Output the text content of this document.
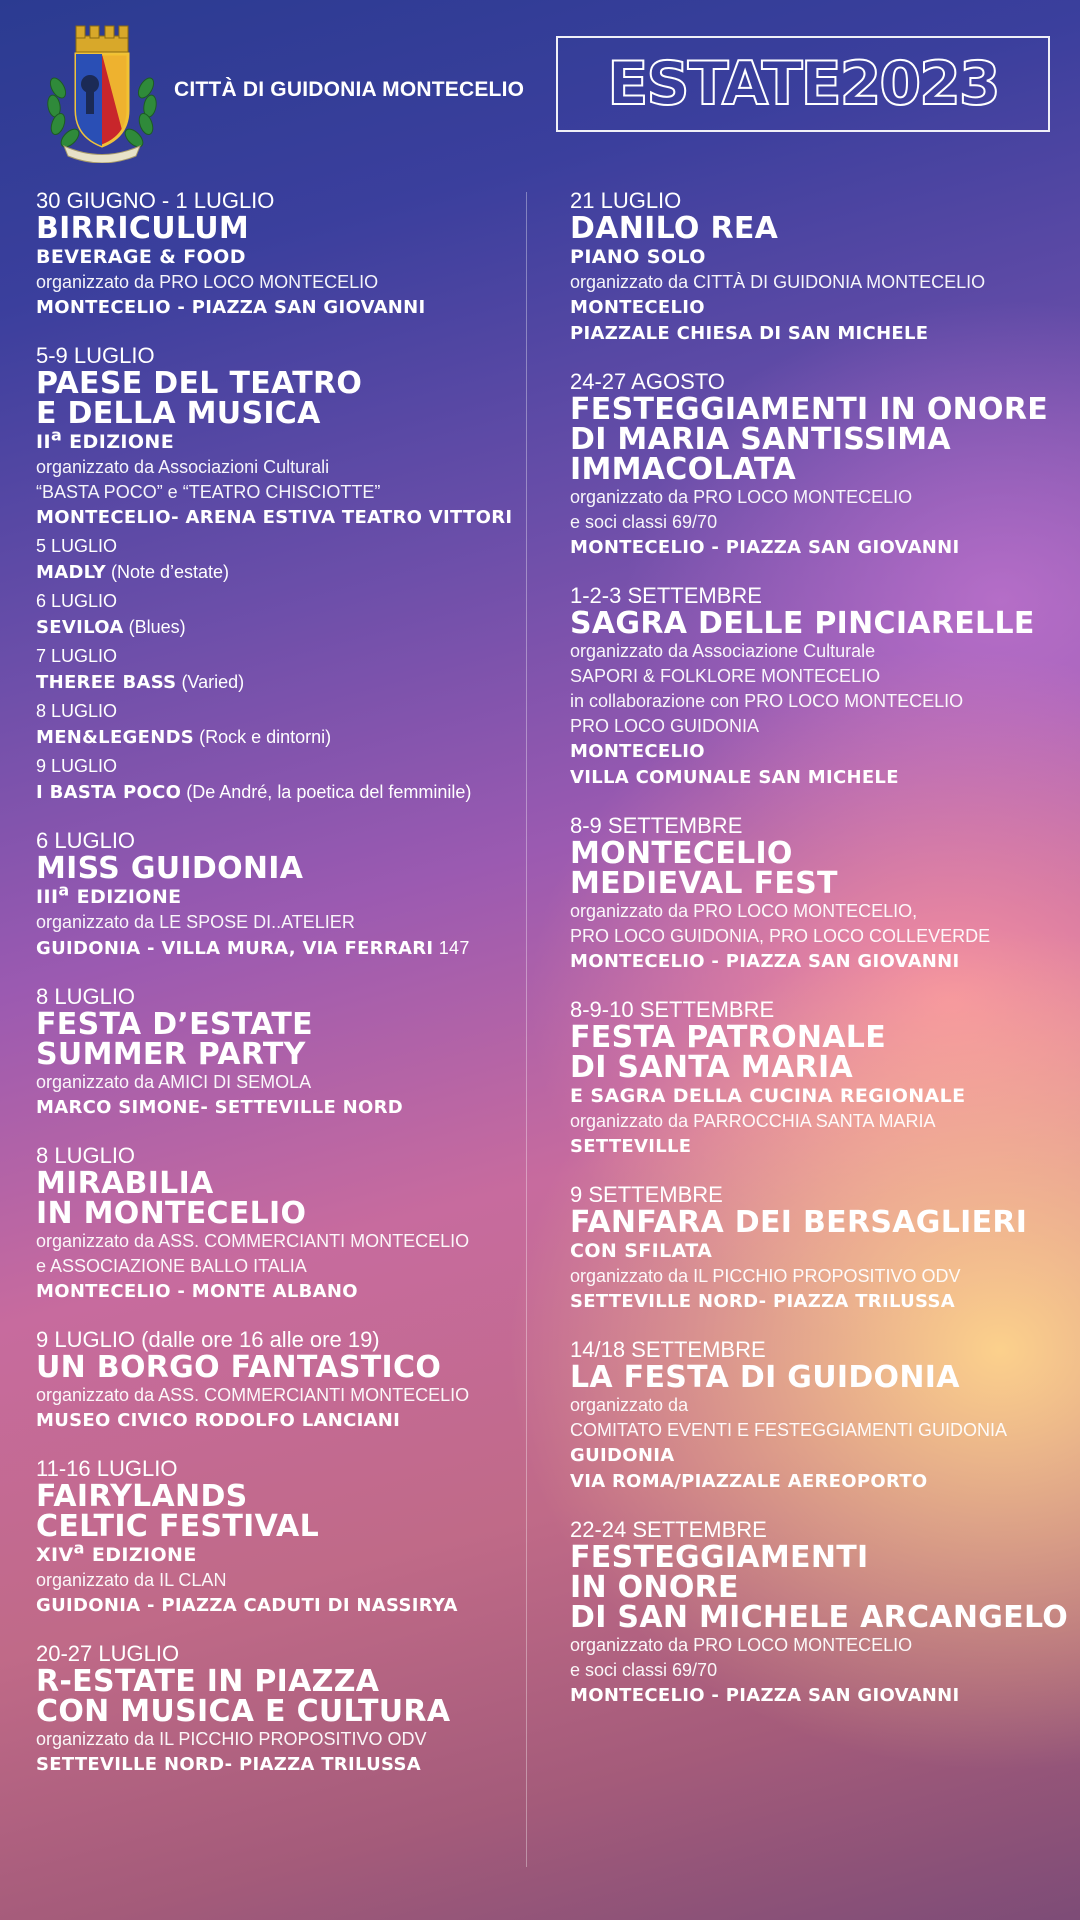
CITTÀ DI GUIDONIA MONTECELIO ESTATE2023
30 GIUGNO - 1 LUGLIO
BIRRICULUM
BEVERAGE & FOOD
organizzato da PRO LOCO MONTECELIO
MONTECELIO - PIAZZA SAN GIOVANNI
5-9 LUGLIO
PAESE DEL TEATRO
E DELLA MUSICA
$II^a$ EDIZIONE
organizzato da Associazioni Culturali
“BASTA POCO” e “TEATRO CHISCIOTTE”
MONTECELIO- ARENA ESTIVA TEATRO VITTORI
5 LUGLIO
MADLY (Note d’estate)
6 LUGLIO
SEVILOA (Blues)
7 LUGLIO
THEREE BASS (Varied)
8 LUGLIO
MEN&LEGENDS (Rock e dintorni)
9 LUGLIO
I BASTA POCO (De André, la poetica del femminile)
6 LUGLIO
MISS GUIDONIA
III$^a$ EDIZIONE
organizzato da LE SPOSE DI..ATELIER
GUIDONIA - VILLA MURA, VIA FERRARI 147
8 LUGLIO
FESTA D’ESTATE
SUMMER PARTY
organizzato da AMICI DI SEMOLA
MARCO SIMONE- SETTEVILLE NORD
8 LUGLIO
MIRABILIA
IN MONTECELIO
organizzato da ASS. COMMERCIANTI MONTECELIO
e ASSOCIAZIONE BALLO ITALIA
MONTECELIO - MONTE ALBANO
9 LUGLIO (dalle ore 16 alle ore 19)
UN BORGO FANTASTICO
organizzato da ASS. COMMERCIANTI MONTECELIO
MUSEO CIVICO RODOLFO LANCIANI
11-16 LUGLIO
FAIRYLANDS
CELTIC FESTIVAL
XIV$^a$ EDIZIONE
organizzato da IL CLAN
GUIDONIA - PIAZZA CADUTI DI NASSIRYA
20-27 LUGLIO
R-ESTATE IN PIAZZA
CON MUSICA E CULTURA
organizzato da IL PICCHIO PROPOSITIVO ODV
SETTEVILLE NORD- PIAZZA TRILUSSA
21 LUGLIO
DANILO REA
PIANO SOLO
organizzato da CITTÀ DI GUIDONIA MONTECELIO
MONTECELIO
PIAZZALE CHIESA DI SAN MICHELE
24-27 AGOSTO
FESTEGGIAMENTI IN ONORE
DI MARIA SANTISSIMA
IMMACOLATA
organizzato da PRO LOCO MONTECELIO
e soci classi 69/70
MONTECELIO - PIAZZA SAN GIOVANNI
1-2-3 SETTEMBRE
SAGRA DELLE PINCIARELLE
organizzato da Associazione Culturale
SAPORI & FOLKLORE MONTECELIO
in collaborazione con PRO LOCO MONTECELIO
PRO LOCO GUIDONIA
MONTECELIO
VILLA COMUNALE SAN MICHELE
8-9 SETTEMBRE
MONTECELIO
MEDIEVAL FEST
organizzato da PRO LOCO MONTECELIO,
PRO LOCO GUIDONIA, PRO LOCO COLLEVERDE
MONTECELIO - PIAZZA SAN GIOVANNI
8-9-10 SETTEMBRE
FESTA PATRONALE
DI SANTA MARIA
E SAGRA DELLA CUCINA REGIONALE
organizzato da PARROCCHIA SANTA MARIA
SETTEVILLE
9 SETTEMBRE
FANFARA DEI BERSAGLIERI
CON SFILATA
organizzato da IL PICCHIO PROPOSITIVO ODV
SETTEVILLE NORD- PIAZZA TRILUSSA
14/18 SETTEMBRE
LA FESTA DI GUIDONIA
organizzato da
COMITATO EVENTI E FESTEGGIAMENTI GUIDONIA
GUIDONIA
VIA ROMA/PIAZZALE AEREOPORTO
22-24 SETTEMBRE
FESTEGGIAMENTI
IN ONORE
DI SAN MICHELE ARCANGELO
organizzato da PRO LOCO MONTECELIO
e soci classi 69/70
MONTECELIO - PIAZZA SAN GIOVANNI
